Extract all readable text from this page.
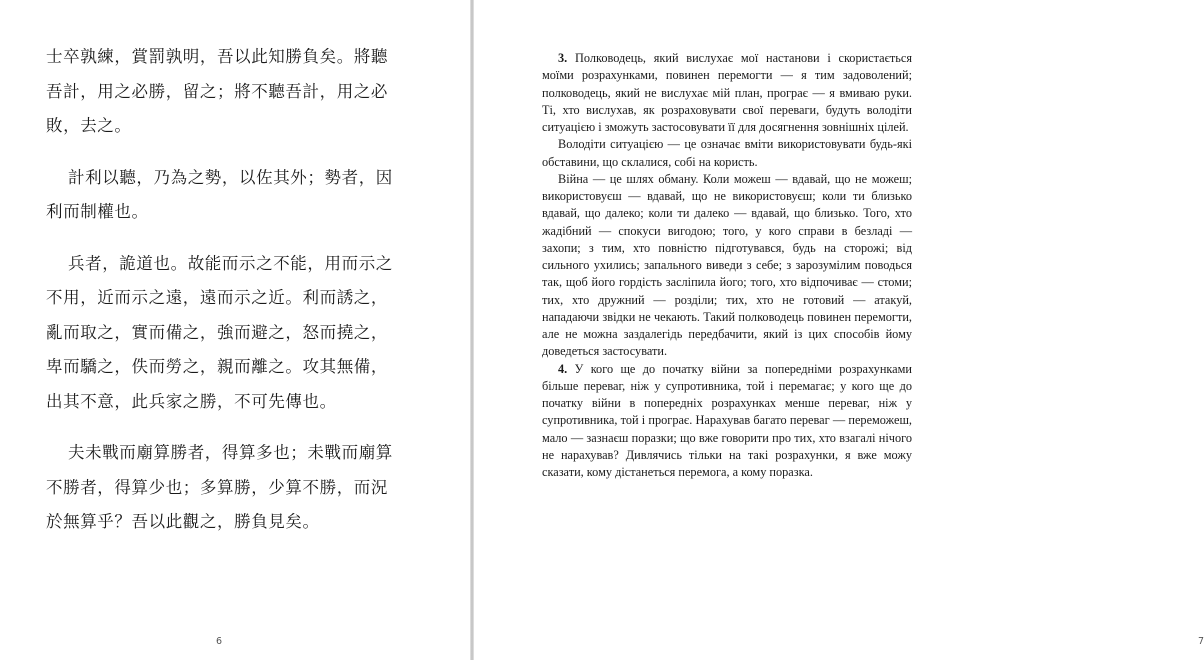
士卒孰練，賞罰孰明，吾以此知勝負矣。將聽吾計，用之必勝，留之；將不聽吾計，用之必敗，去之。

計利以聽，乃為之勢，以佐其外；勢者，因利而制權也。

兵者，詭道也。故能而示之不能，用而示之不用，近而示之遠，遠而示之近。利而誘之，亂而取之，實而備之，強而避之，怒而撓之，卑而驕之，佚而勞之，親而離之。攻其無備，出其不意，此兵家之勝，不可先傳也。

夫未戰而廟算勝者，得算多也；未戰而廟算不勝者，得算少也；多算勝，少算不勝，而況於無算乎？吾以此觀之，勝負見矣。

6	7

3. Полководець, який вислухає мої настанови і скористається моїми розрахунками, повинен перемогти — я тим задоволений; полководець, який не вислухає мій план, програє — я вмиваю руки. Ті, хто вислухав, як розраховувати свої переваги, будуть володіти ситуацією і зможуть застосовувати її для досягнення зовнішніх цілей.

Володіти ситуацією — це означає вміти використовувати будь-які обставини, що склалися, собі на користь.

Війна — це шлях обману. Коли можеш — вдавай, що не можеш; використовуєш — вдавай, що не використовуєш; коли ти близько вдавай, що далеко; коли ти далеко — вдавай, що близько. Того, хто жадібний — спокуси вигодою; того, у кого справи в безладі — захопи; з тим, хто повністю підготувався, будь на сторожі; від сильного ухились; запального виведи з себе; з зарозумілим поводься так, щоб його гордість засліпила його; того, хто відпочиває — стоми; тих, хто дружний — розділи; тих, хто не готовий — атакуй, нападаючи звідки не чекають. Такий полководець повинен перемогти, але не можна заздалегідь передбачити, який із цих способів йому доведеться застосувати.

4. У кого ще до початку війни за попередніми розрахунками більше переваг, ніж у супротивника, той і перемагає; у кого ще до початку війни в попередніх розрахунках менше переваг, ніж у супротивника, той і програє. Нарахував багато переваг — переможеш, мало — зазнаєш поразки; що вже говорити про тих, хто взагалі нічого не нарахував? Дивлячись тільки на такі розрахунки, я вже можу сказати, кому дістанеться перемога, а кому поразка.
